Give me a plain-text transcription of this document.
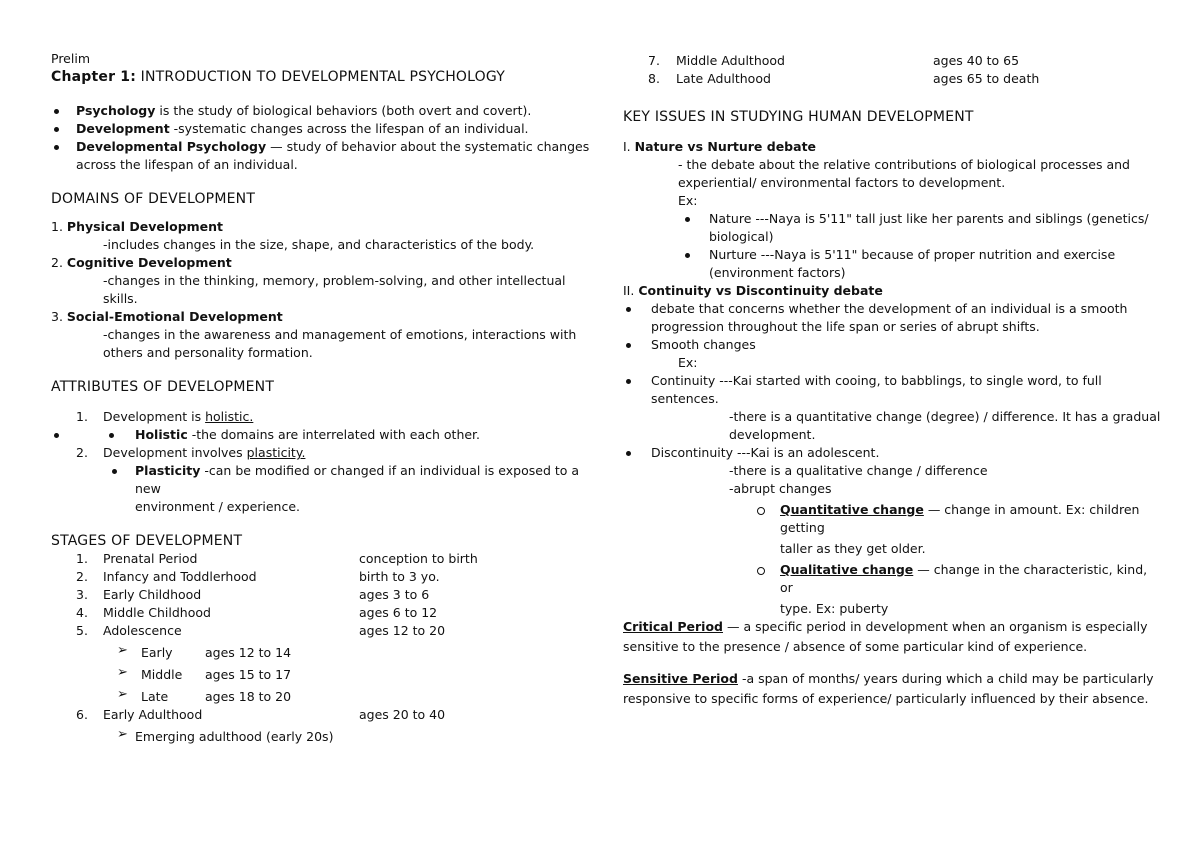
Prelim
Chapter 1: INTRODUCTION TO DEVELOPMENTAL PSYCHOLOGY
Psychology is the study of biological behaviors (both overt and covert).
Development -systematic changes across the lifespan of an individual.
Developmental Psychology — study of behavior about the systematic changes
across the lifespan of an individual.
DOMAINS OF DEVELOPMENT
1. Physical Development
-includes changes in the size, shape, and characteristics of the body.
2. Cognitive Development
-changes in the thinking, memory, problem-solving, and other intellectual skills.
3. Social-Emotional Development
-changes in the awareness and management of emotions, interactions with
others and personality formation.
ATTRIBUTES OF DEVELOPMENT
1. Development is holistic.
Holistic -the domains are interrelated with each other.
2. Development involves plasticity.
Plasticity -can be modified or changed if an individual is exposed to a new
environment / experience.
STAGES OF DEVELOPMENT
1. Prenatal Period	conception to birth
2. Infancy and Toddlerhood	birth to 3 yo.
3. Early Childhood	ages 3 to 6
4. Middle Childhood	ages 6 to 12
5. Adolescence	ages 12 to 20
➢ Early	ages 12 to 14
➢ Middle ages 15 to 17
➢ Late	ages 18 to 20
6. Early Adulthood	ages 20 to 40
➢ Emerging adulthood (early 20s)
7. Middle Adulthood	ages 40 to 65
8. Late Adulthood	ages 65 to death
KEY ISSUES IN STUDYING HUMAN DEVELOPMENT
I. Nature vs Nurture debate
- the debate about the relative contributions of biological processes and
experiential/ environmental factors to development.
Ex:
Nature ---Naya is 5'11" tall just like her parents and siblings (genetics/
biological)
Nurture ---Naya is 5'11" because of proper nutrition and exercise
(environment factors)
II. Continuity vs Discontinuity debate
debate that concerns whether the development of an individual is a smooth
progression throughout the life span or series of abrupt shifts.
Smooth changes
Ex:
Continuity ---Kai started with cooing, to babblings, to single word, to full sentences.
-there is a quantitative change (degree) / difference. It has a gradual
development.
Discontinuity ---Kai is an adolescent.
-there is a qualitative change / difference
-abrupt changes
Quantitative change — change in amount. Ex: children getting
taller as they get older.
Qualitative change — change in the characteristic, kind, or
type. Ex: puberty
Critical Period — a specific period in development when an organism is especially
sensitive to the presence / absence of some particular kind of experience.
Sensitive Period -a span of months/ years during which a child may be particularly
responsive to specific forms of experience/ particularly influenced by their absence.
